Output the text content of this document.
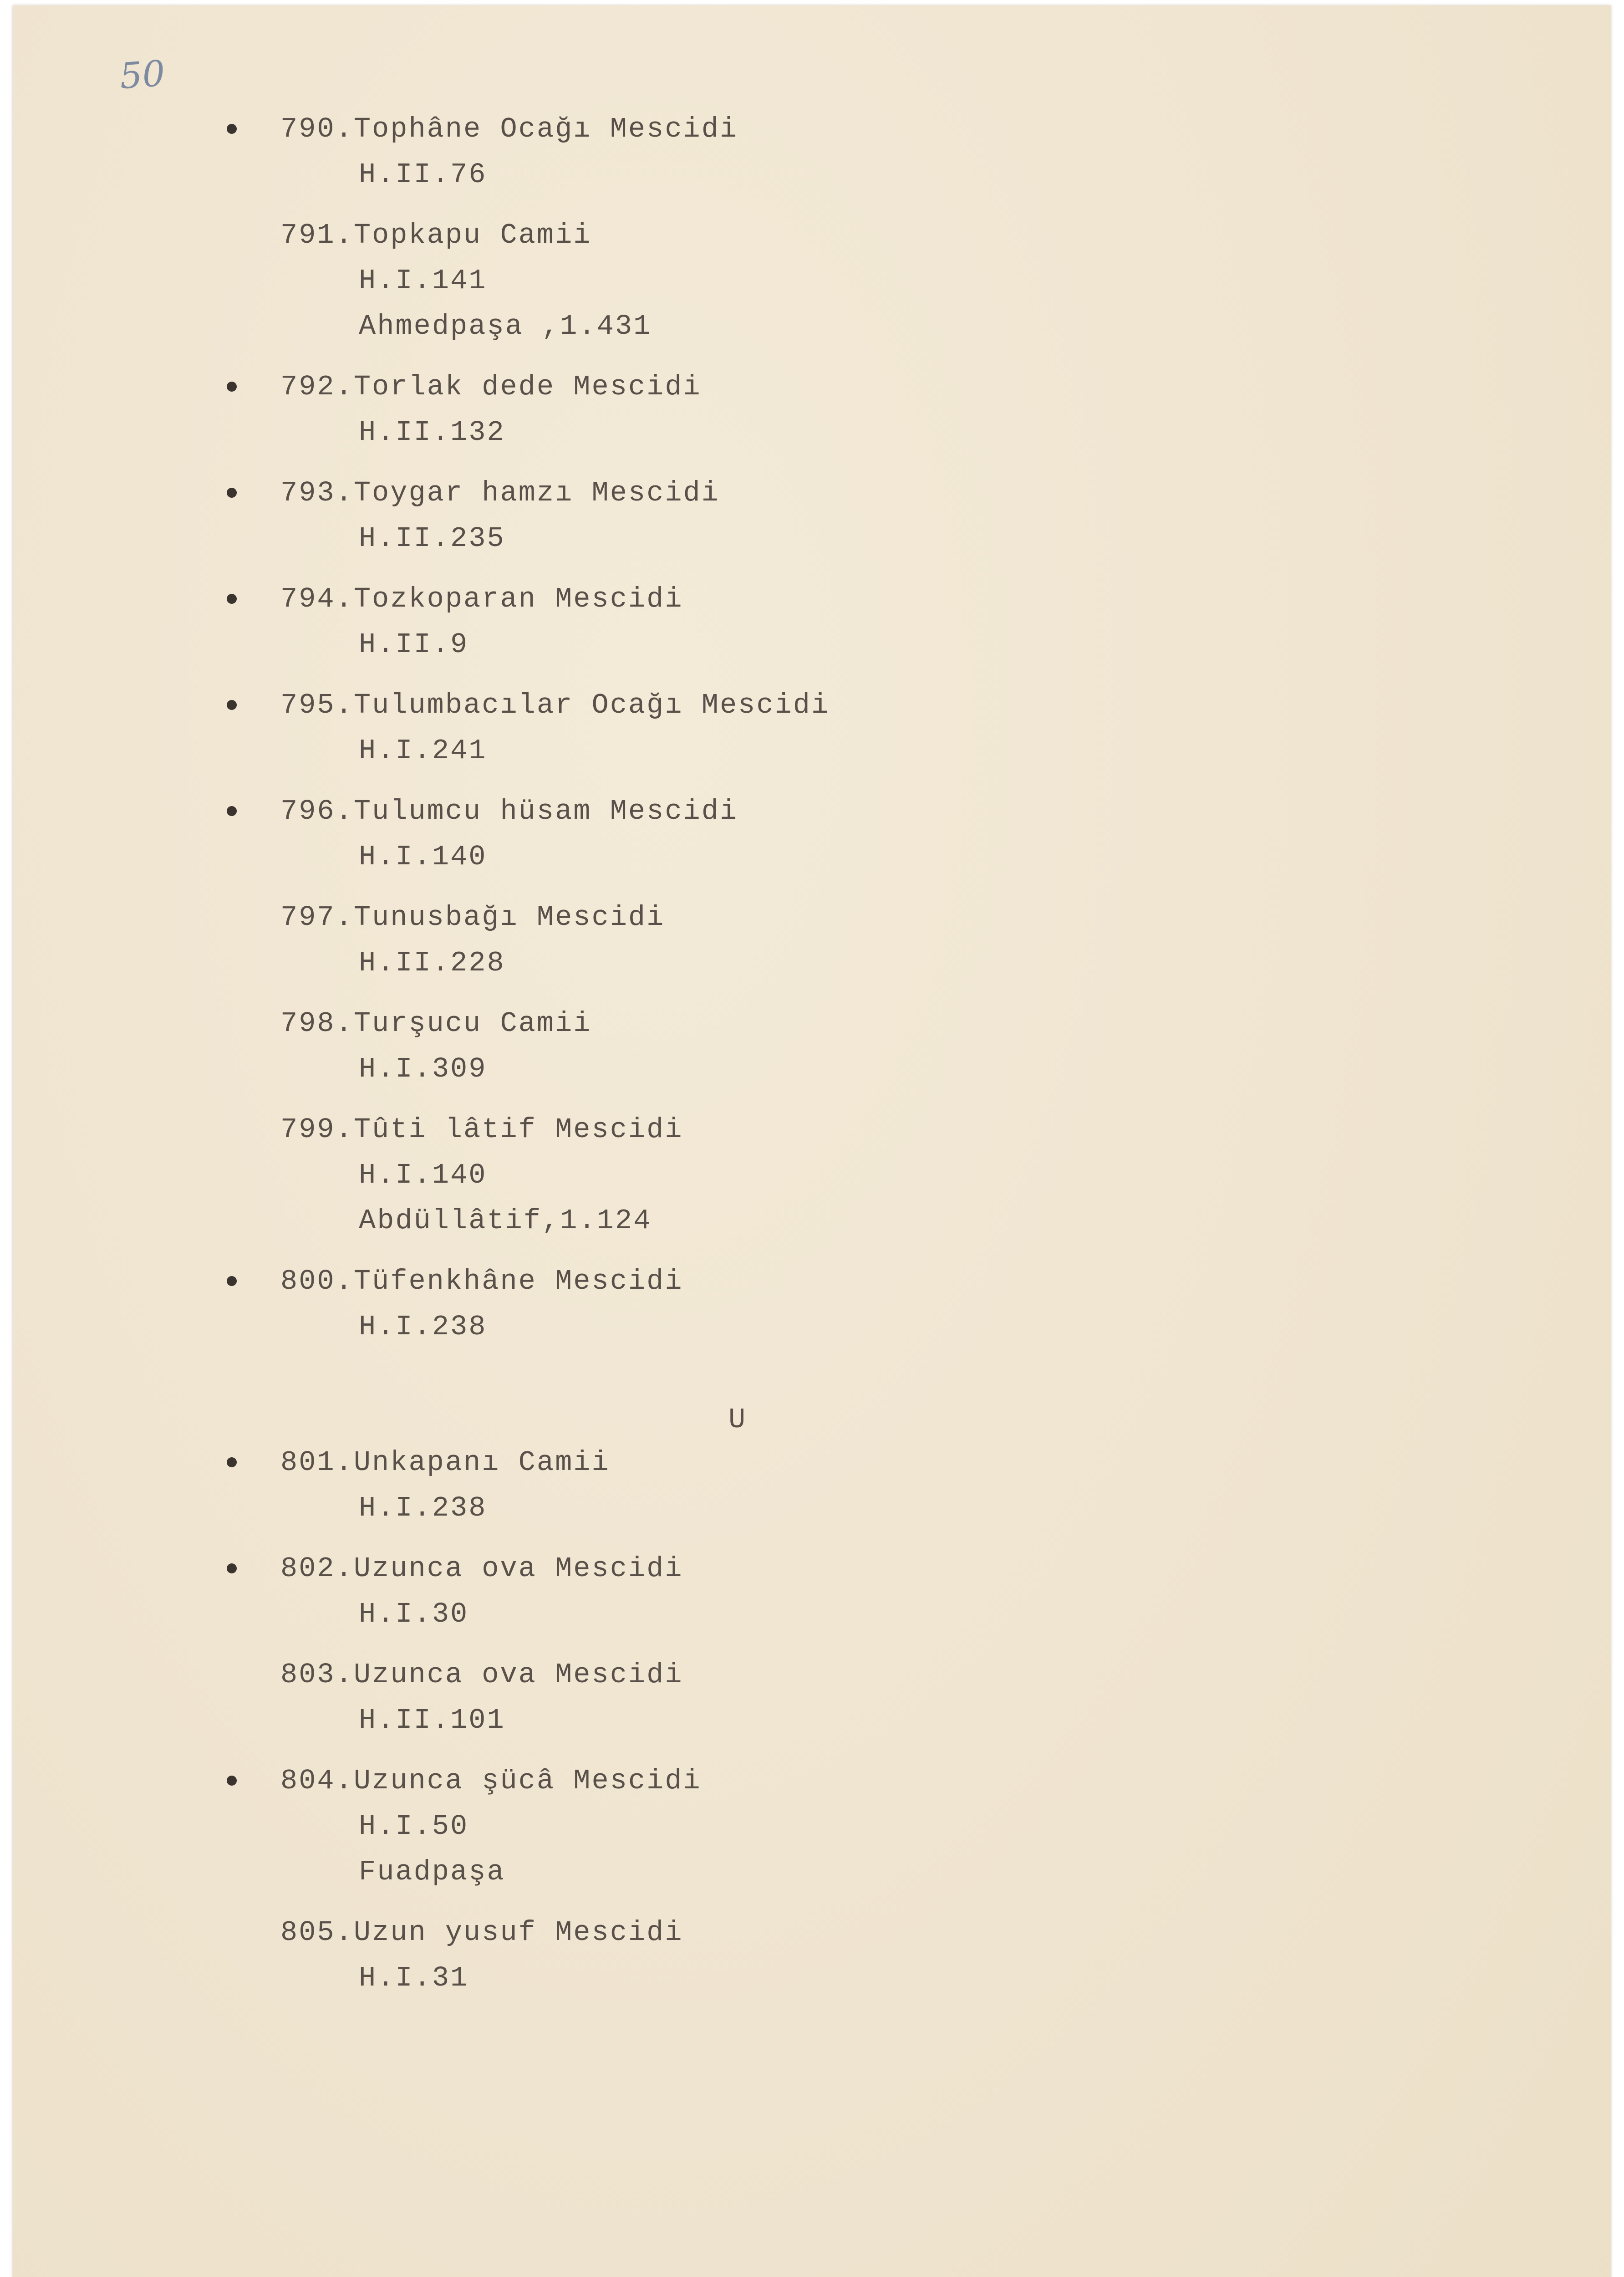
50
790.Tophâne Ocağı Mescidi
H.II.76
791.Topkapu Camii
H.I.141
Ahmedpaşa ,1.431
792.Torlak dede Mescidi
H.II.132
793.Toygar hamzı Mescidi
H.II.235
794.Tozkoparan Mescidi
H.II.9
795.Tulumbacılar Ocağı Mescidi
H.I.241
796.Tulumcu hüsam Mescidi
H.I.140
797.Tunusbağı Mescidi
H.II.228
798.Turşucu Camii
H.I.309
799.Tûti lâtif Mescidi
H.I.140
Abdüllâtif,1.124
800.Tüfenkhâne Mescidi
H.I.238
U
801.Unkapanı Camii
H.I.238
802.Uzunca ova Mescidi
H.I.30
803.Uzunca ova Mescidi
H.II.101
804.Uzunca şücâ Mescidi
H.I.50
Fuadpaşa
805.Uzun yusuf Mescidi
H.I.31
